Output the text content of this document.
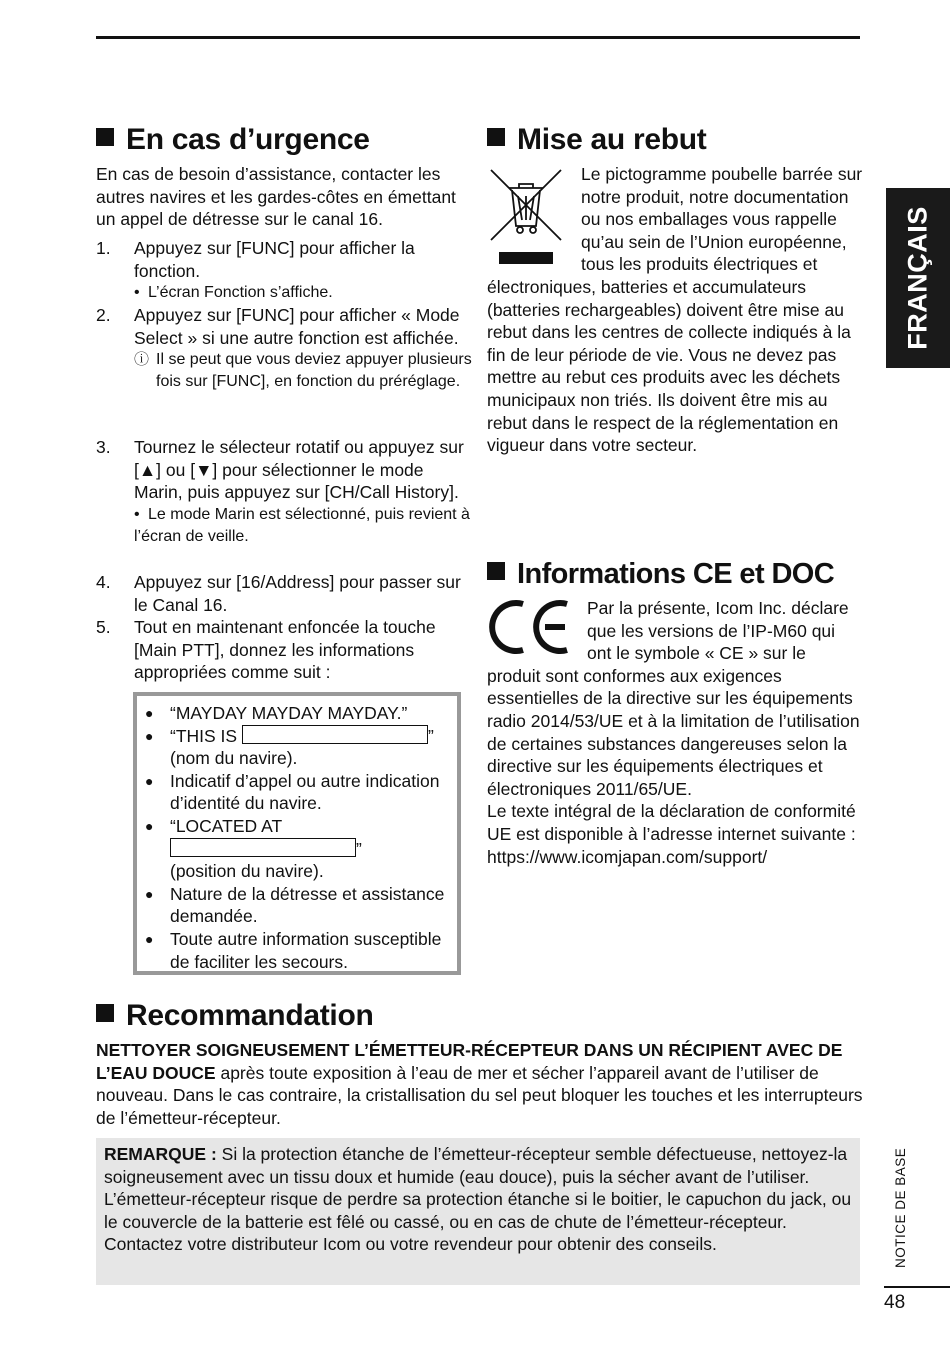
En cas d’urgence

En cas de besoin d’assistance, contacter les autres navires et les gardes-côtes en émettant un appel de détresse sur le canal 16.

1. Appuyez sur [FUNC] pour afficher la fonction.

• L’écran Fonction s’affiche.

2. Appuyez sur [FUNC] pour afficher « Mode Select » si une autre fonction est affichée.

ⓘ Il se peut que vous deviez appuyer plusieurs fois sur [FUNC], en fonction du préréglage.
3. Tournez le sélecteur rotatif ou appuyez sur [▲] ou [▼] pour sélectionner le mode Marin, puis appuyez sur [CH/Call History].

• Le mode Marin est sélectionné, puis revient à l’écran de veille.

4. Appuyez sur [16/Address] pour passer sur le Canal 16.

5. Tout en maintenant enfoncée la touche [Main PTT], donnez les informations appropriées comme suit :

● “MAYDAY MAYDAY MAYDAY.”
● “THIS IS	”
(nom du navire).
● Indicatif d’appel ou autre indication d’identité du navire.
● “LOCATED AT
”
(position du navire).
● Nature de la détresse et assistance demandée.
● Toute autre information susceptible de faciliter les secours.
Mise au rebut

Le pictogramme poubelle barrée sur notre produit, notre documentation ou nos emballages vous rappelle qu’au sein de l’Union européenne, tous les produits électriques et électroniques, batteries et accumulateurs (batteries rechargeables) doivent être mise au rebut dans les centres de collecte indiqués à la fin de leur période de vie. Vous ne devez pas mettre au rebut ces produits avec les déchets municipaux non triés. Ils doivent être mis au rebut dans le respect de la réglementation en vigueur dans votre secteur.

Informations CE et DOC

Par la présente, Icom Inc. déclare que les versions de l’IP-M60 qui ont le symbole « CE » sur le produit sont conformes aux exigences essentielles de la directive sur les équipements radio 2014/53/UE et à la limitation de l’utilisation de certaines substances dangereuses selon la directive sur les équipements électriques et électroniques 2011/65/UE.

Le texte intégral de la déclaration de conformité UE est disponible à l’adresse internet suivante :

https://www.icomjapan.com/support/

Recommandation

NETTOYER SOIGNEUSEMENT L’ÉMETTEUR-RÉCEPTEUR DANS UN RÉCIPIENT AVEC DE L’EAU DOUCE après toute exposition à l’eau de mer et sécher l’appareil avant de l’utiliser de nouveau. Dans le cas contraire, la cristallisation du sel peut bloquer les touches et les interrupteurs de l’émetteur-récepteur.

REMARQUE : Si la protection étanche de l’émetteur-récepteur semble défectueuse, nettoyez-la soigneusement avec un tissu doux et humide (eau douce), puis la sécher avant de l’utiliser. L’émetteur-récepteur risque de perdre sa protection étanche si le boitier, le capuchon du jack, ou le couvercle de la batterie est fêlé ou cassé, ou en cas de chute de l’émetteur-récepteur. Contactez votre distributeur Icom ou votre revendeur pour obtenir des conseils.

FRANÇAIS
NOTICE DE BASE
48
